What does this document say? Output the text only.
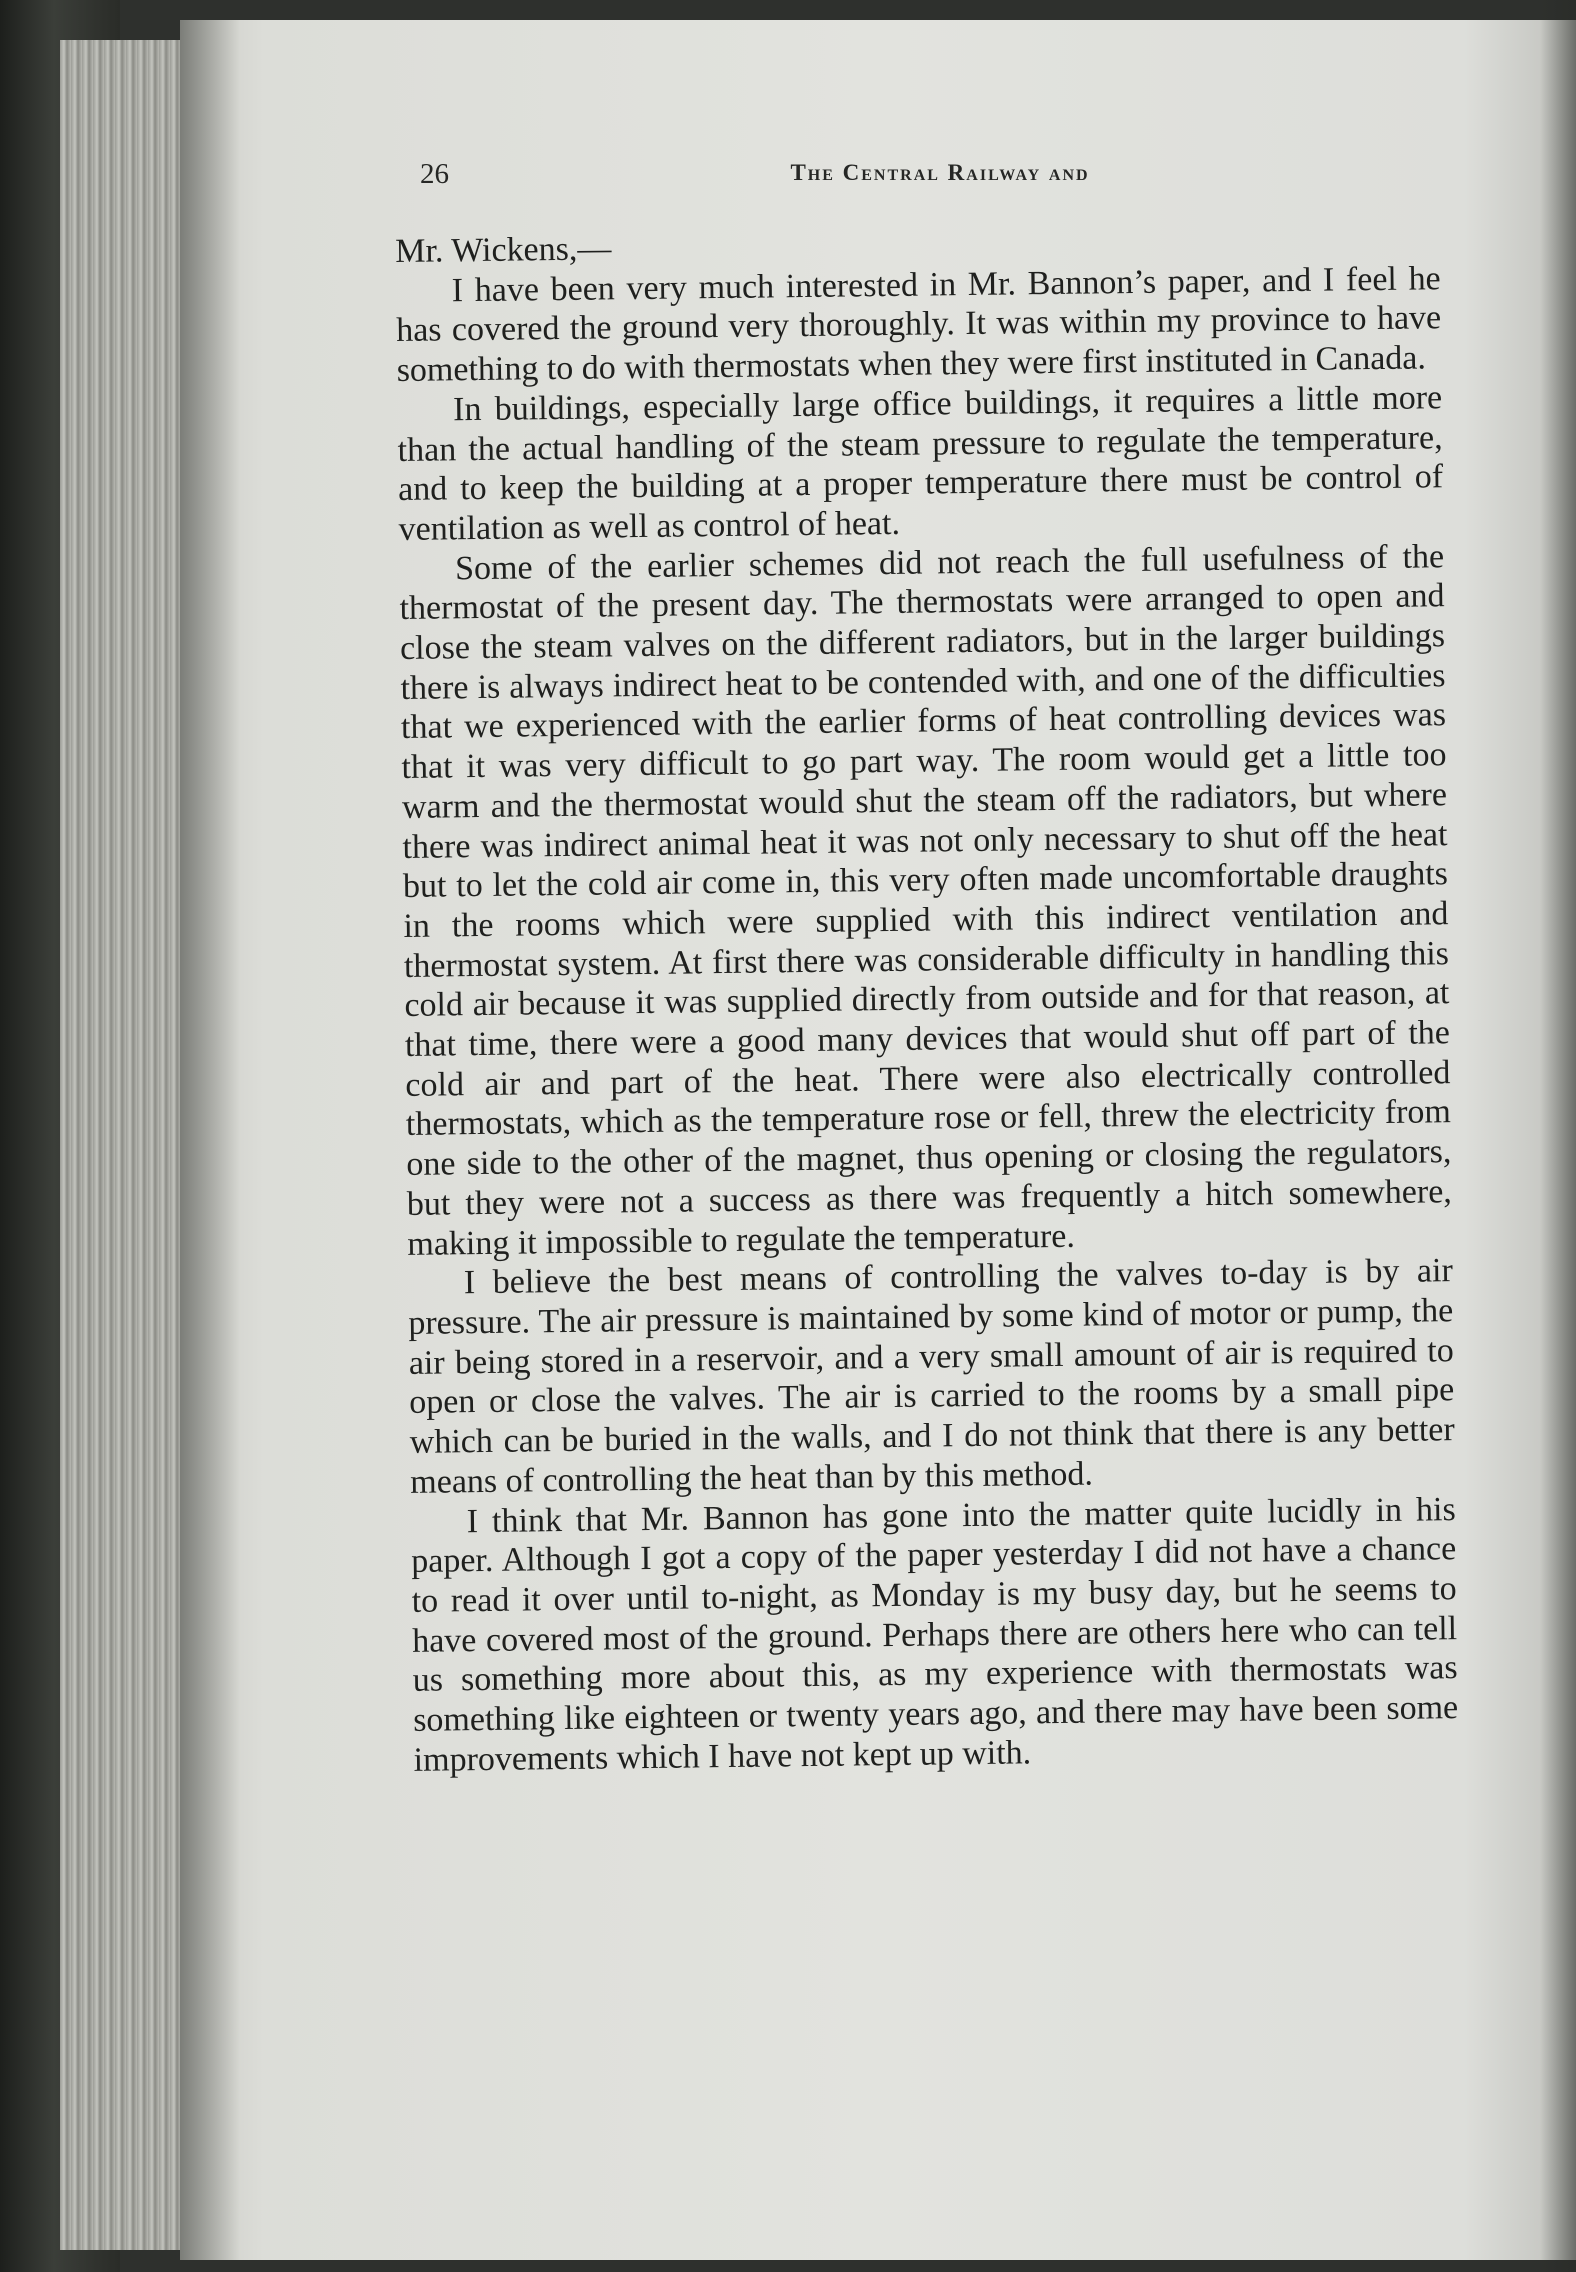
26	The Central Railway and

Mr. Wickens,—

I have been very much interested in Mr. Bannon’s paper, and I feel he has covered the ground very thoroughly. It was within my province to have something to do with thermostats when they were first instituted in Canada.

In buildings, especially large office buildings, it requires a little more than the actual handling of the steam pressure to regulate the temperature, and to keep the building at a proper temperature there must be control of ventilation as well as control of heat.

Some of the earlier schemes did not reach the full usefulness of the thermostat of the present day. The thermostats were arranged to open and close the steam valves on the different radiators, but in the larger buildings there is always indirect heat to be contended with, and one of the difficulties that we experienced with the earlier forms of heat controlling devices was that it was very difficult to go part way. The room would get a little too warm and the thermostat would shut the steam off the radiators, but where there was indirect animal heat it was not only necessary to shut off the heat but to let the cold air come in, this very often made uncomfortable draughts in the rooms which were supplied with this indirect ventilation and thermostat system. At first there was considerable difficulty in handling this cold air because it was supplied directly from outside and for that reason, at that time, there were a good many devices that would shut off part of the cold air and part of the heat. There were also electrically controlled thermostats, which as the temperature rose or fell, threw the electricity from one side to the other of the magnet, thus opening or closing the regulators, but they were not a success as there was frequently a hitch somewhere, making it impossible to regulate the temperature.

I believe the best means of controlling the valves to-day is by air pressure. The air pressure is maintained by some kind of motor or pump, the air being stored in a reservoir, and a very small amount of air is required to open or close the valves. The air is carried to the rooms by a small pipe which can be buried in the walls, and I do not think that there is any better means of controlling the heat than by this method.

I think that Mr. Bannon has gone into the matter quite lucidly in his paper. Although I got a copy of the paper yesterday I did not have a chance to read it over until to-night, as Monday is my busy day, but he seems to have covered most of the ground. Perhaps there are others here who can tell us something more about this, as my experience with thermostats was something like eighteen or twenty years ago, and there may have been some improvements which I have not kept up with.
